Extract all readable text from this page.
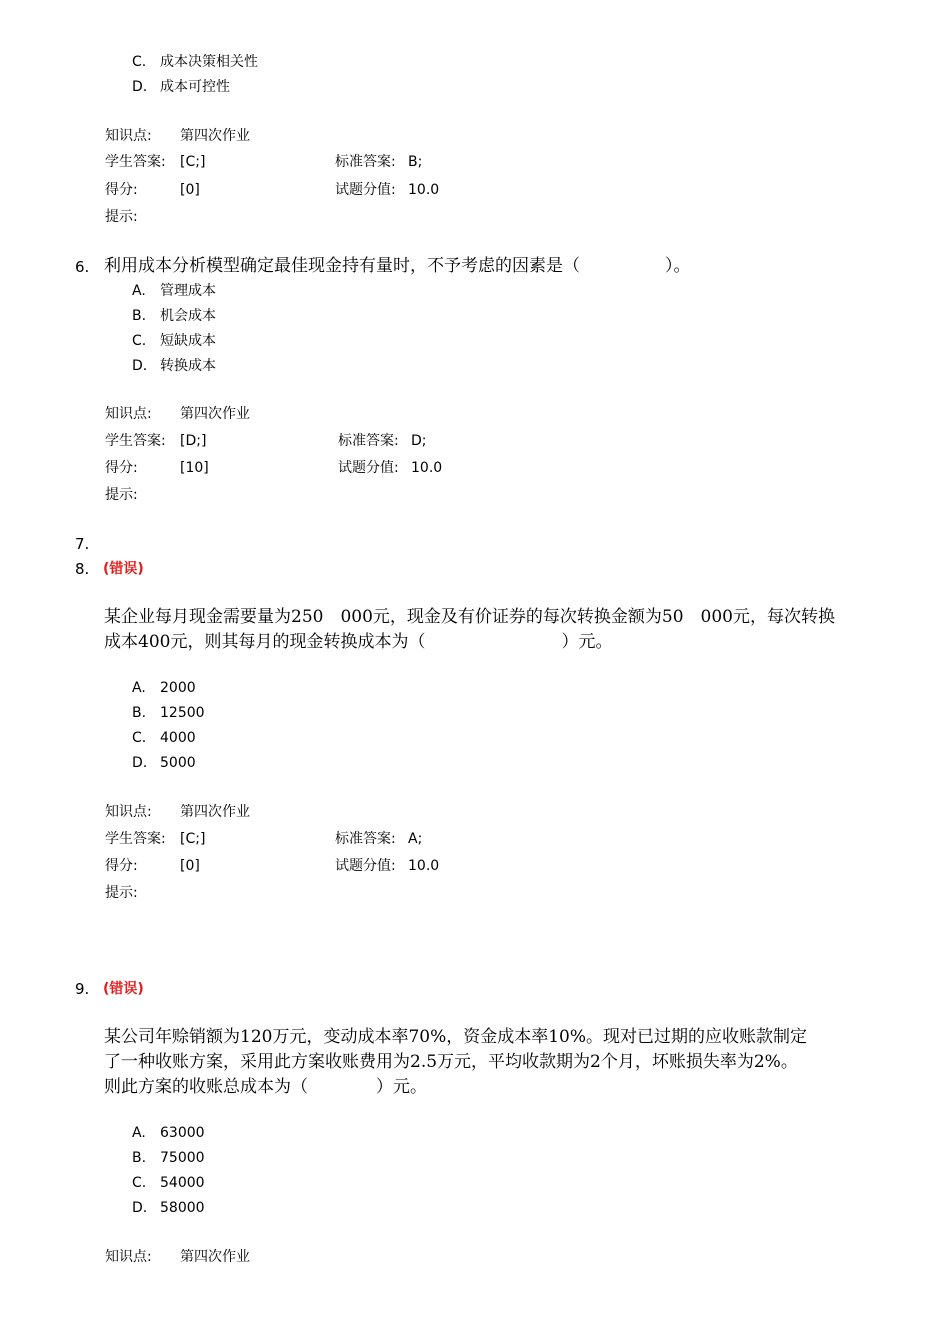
C. 成本决策相关性
D. 成本可控性
知识点: 第四次作业
学生答案: [C;]	标准答案: B;
得分:	[0]	试题分值: 10.0
提示:
6. 利用成本分析模型确定最佳现金持有量时，不予考虑的因素是（　　　　　）。
A. 管理成本
B. 机会成本
C. 短缺成本
D. 转换成本
知识点: 第四次作业
学生答案: [D;]	标准答案: D;
得分:	[10]	试题分值: 10.0
提示:
7.
8. (错误)
某企业每月现金需要量为250　000元，现金及有价证券的每次转换金额为50　000元，每次转换
成本400元，则其每月的现金转换成本为（　　　　　　　　）元。
A. 2000
B. 12500
C. 4000
D. 5000
知识点: 第四次作业
学生答案: [C;]	标准答案: A;
得分:	[0]	试题分值: 10.0
提示:
9. (错误)
某公司年赊销额为120万元，变动成本率70%，资金成本率10%。现对已过期的应收账款制定
了一种收账方案，采用此方案收账费用为2.5万元，平均收款期为2个月，坏账损失率为2%。
则此方案的收账总成本为（　　　　）元。
A. 63000
B. 75000
C. 54000
D. 58000
知识点: 第四次作业
